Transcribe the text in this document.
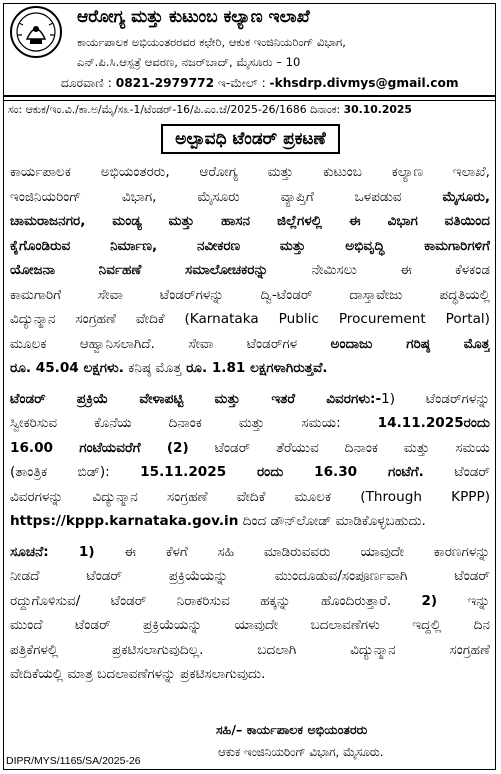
ಆರೋಗ್ಯ ಮತ್ತು ಕುಟುಂಬ ಕಲ್ಯಾಣ ಇಲಾಖೆ
ಕಾರ್ಯಪಾಲಕ ಅಭಿಯಂತರರವರ ಕಛೇರಿ, ಆಕುಕ ಇಂಜಿನಿಯರಿಂಗ್ ವಿಭಾಗ,
ಎನ್.ಪಿ.ಸಿ.ಆಸ್ಪತ್ರೆ ಆವರಣ, ನಜರ್‌ಬಾದ್, ಮೈಸೂರು – 10
ದೂರವಾಣಿ : 0821-2979772 ಇ-ಮೇಲ್ : -khsdrp.divmys@gmail.com
ಸಂ: ಆಕುಕ/ಇಂ.ವಿ./ಕಾ.ಅ/ಮೈ/ಸ೩-1/ಟೆಂಡರ್-16/ಪಿ.ಎಂ.ಜೆ/2025-26/1686 ದಿನಾಂಕ: 30.10.2025
ಅಲ್ಪಾವಧಿ ಟೆಂಡರ್ ಪ್ರಕಟಣೆ
ಕಾರ್ಯಪಾಲಕ ಅಭಿಯಂತರರು, ಆರೋಗ್ಯ ಮತ್ತು ಕುಟುಂಬ ಕಲ್ಯಾಣ ಇಲಾಖೆ,
ಇಂಜಿನಿಯರಿಂಗ್ ವಿಭಾಗ, ಮೈಸೂರು ವ್ಯಾಪ್ತಿಗೆ ಒಳಪಡುವ ಮೈಸೂರು,
ಚಾಮರಾಜನಗರ, ಮಂಡ್ಯ ಮತ್ತು ಹಾಸನ ಜಿಲ್ಲೆಗಳಲ್ಲಿ ಈ ವಿಭಾಗ ವತಿಯಿಂದ
ಕೈಗೊಂಡಿರುವ ನಿರ್ಮಾಣ, ನವೀಕರಣ ಮತ್ತು ಅಭಿವೃದ್ಧಿ ಕಾಮಗಾರಿಗಳಿಗೆ
ಯೋಜನಾ ನಿರ್ವಹಣೆ ಸಮಾಲೋಚಕರನ್ನು ನೇಮಿಸಲು ಈ ಕೆಳಕಂಡ
ಕಾಮಗಾರಿಗೆ ಸೇವಾ ಟೆಂಡರ್‌ಗಳನ್ನು ದ್ವಿ-ಟೆಂಡರ್ ದಾಸ್ತಾವೇಜು ಪದ್ಧತಿಯಲ್ಲಿ
ವಿದ್ಯುನ್ಮಾನ ಸಂಗ್ರಹಣೆ ವೇದಿಕೆ (Karnataka Public Procurement Portal)
ಮೂಲಕ ಆಹ್ವಾನಿಸಲಾಗಿದೆ. ಸೇವಾ ಟೆಂಡರ್‌ಗಳ ಅಂದಾಜು ಗರಿಷ್ಠ ಮೊತ್ತ
ರೂ. 45.04 ಲಕ್ಷಗಳು. ಕನಿಷ್ಠ ಮೊತ್ತ ರೂ. 1.81 ಲಕ್ಷಗಳಾಗಿರುತ್ತವೆ.
ಟೆಂಡರ್ ಪ್ರಕ್ರಿಯೆ ವೇಳಾಪಟ್ಟಿ ಮತ್ತು ಇತರೆ ವಿವರಗಳು:-1) ಟೆಂಡರ್‌ಗಳನ್ನು
ಸ್ವೀಕರಿಸುವ ಕೊನೆಯ ದಿನಾಂಕ ಮತ್ತು ಸಮಯ: 14.11.2025ರಂದು
16.00 ಗಂಟೆಯವರೆಗೆ (2) ಟೆಂಡರ್ ತೆರೆಯುವ ದಿನಾಂಕ ಮತ್ತು ಸಮಯ
(ತಾಂತ್ರಿಕ ಬಿಡ್): 15.11.2025 ರಂದು 16.30 ಗಂಟೆಗೆ. ಟೆಂಡರ್
ವಿವರಗಳನ್ನು ವಿದ್ಯುನ್ಮಾನ ಸಂಗ್ರಹಣೆ ವೇದಿಕೆ ಮೂಲಕ (Through KPPP)
https://kppp.karnataka.gov.in ದಿಂದ ಡೌನ್‌ಲೋಡ್ ಮಾಡಿಕೊಳ್ಳಬಹುದು.
ಸೂಚನೆ: 1) ಈ ಕೆಳಗೆ ಸಹಿ ಮಾಡಿರುವವರು ಯಾವುದೇ ಕಾರಣಗಳನ್ನು
ನೀಡದೆ ಟೆಂಡರ್ ಪ್ರಕ್ರಿಯೆಯನ್ನು ಮುಂದೂಡುವ/ಸಂಪೂರ್ಣವಾಗಿ ಟೆಂಡರ್
ರದ್ದುಗೊಳಿಸುವ/ ಟೆಂಡರ್ ನಿರಾಕರಿಸುವ ಹಕ್ಕನ್ನು ಹೊಂದಿರುತ್ತಾರೆ. 2) ಇನ್ನು
ಮುಂದೆ ಟೆಂಡರ್ ಪ್ರಕ್ರಿಯೆಯನ್ನು ಯಾವುದೇ ಬದಲಾವಣೆಗಳು ಇದ್ದಲ್ಲಿ ದಿನ
ಪತ್ರಿಕೆಗಳಲ್ಲಿ ಪ್ರಕಟಿಸಲಾಗುವುದಿಲ್ಲ. ಬದಲಾಗಿ ವಿದ್ಯುನ್ಮಾನ ಸಂಗ್ರಹಣೆ
ವೇದಿಕೆಯಲ್ಲಿ ಮಾತ್ರ ಬದಲಾವಣೆಗಳನ್ನು ಪ್ರಕಟಿಸಲಾಗುವುದು.
ಸಹಿ/– ಕಾರ್ಯಪಾಲಕ ಅಭಿಯಂತರರು
ಆಕುಕ ಇಂಜಿನಿಯರಿಂಗ್ ವಿಭಾಗ, ಮೈಸೂರು.
DIPR/MYS/1165/SA/2025-26
